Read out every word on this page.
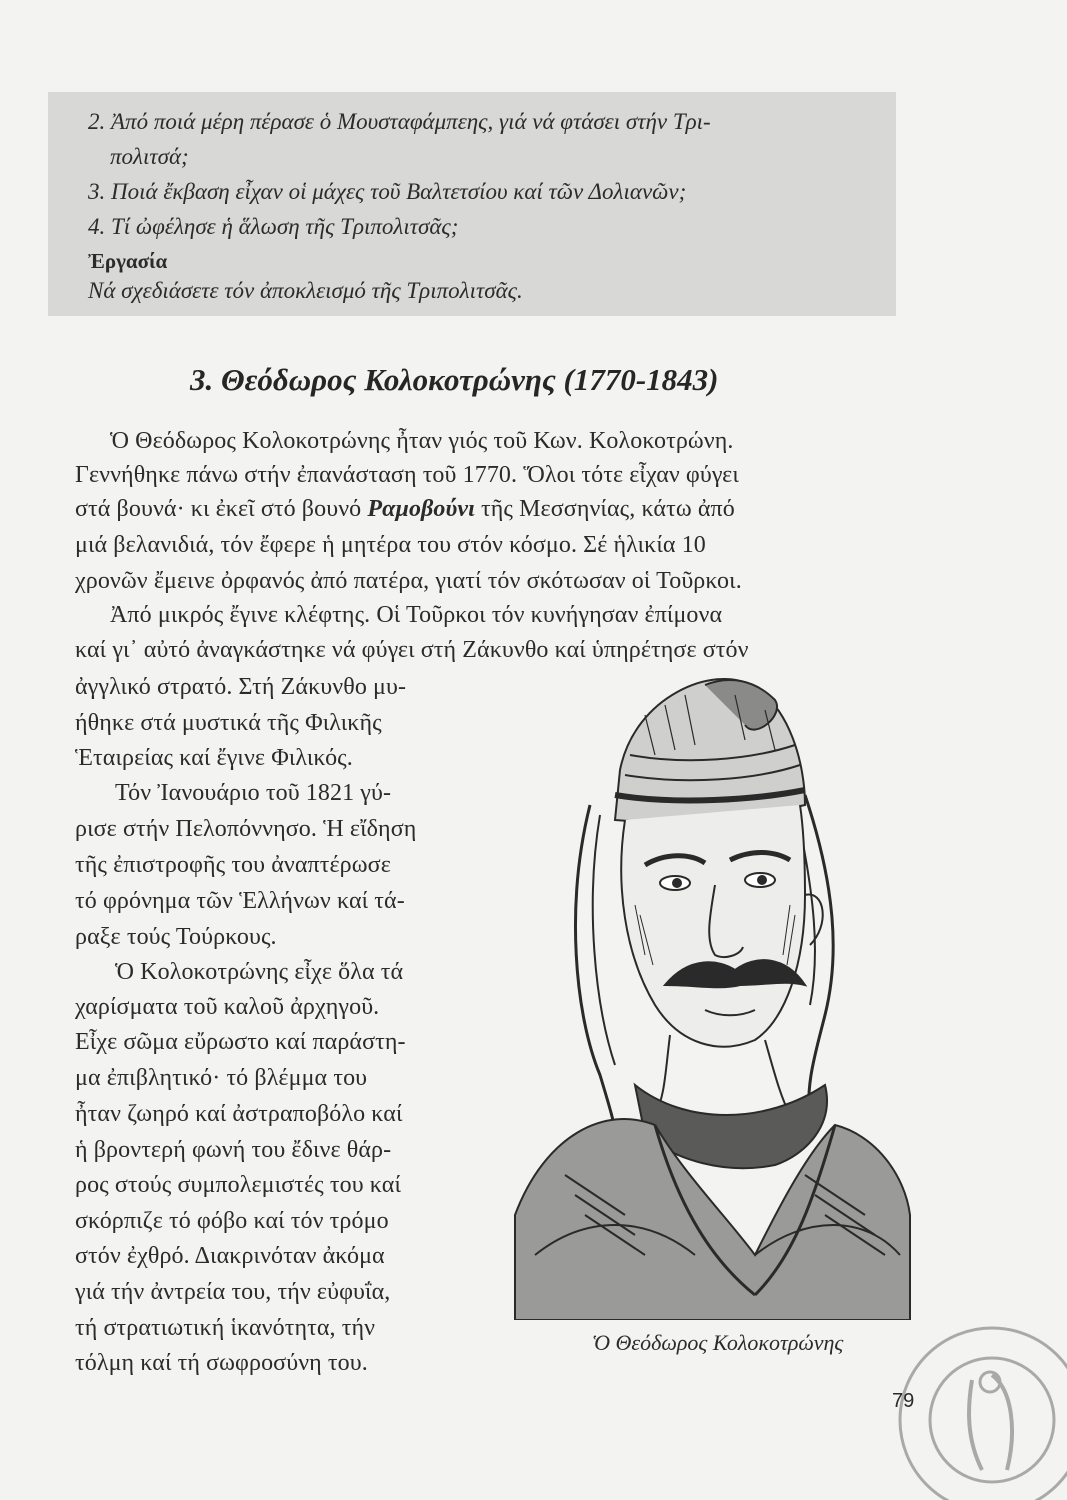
2. Ἀπό ποιά μέρη πέρασε ὁ Μουσταφάμπεης, γιά νά φτάσει στήν Τρι-
πολιτσά;
3. Ποιά ἔκβαση εἶχαν οἱ μάχες τοῦ Βαλτετσίου καί τῶν Δολιανῶν;
4. Τί ὠφέλησε ἡ ἅλωση τῆς Τριπολιτσᾶς;
Ἐργασία
Νά σχεδιάσετε τόν ἀποκλεισμό τῆς Τριπολιτσᾶς.
3. Θεόδωρος Κολοκοτρώνης (1770-1843)
Ὁ Θεόδωρος Κολοκοτρώνης ἦταν γιός τοῦ Κων. Κολοκοτρώνη.
Γεννήθηκε πάνω στήν ἐπανάσταση τοῦ 1770. Ὅλοι τότε εἶχαν φύγει
στά βουνά· κι ἐκεῖ στό βουνό Ραμοβούνι τῆς Μεσσηνίας, κάτω ἀπό
μιά βελανιδιά, τόν ἔφερε ἡ μητέρα του στόν κόσμο. Σέ ἡλικία 10
χρονῶν ἔμεινε ὀρφανός ἀπό πατέρα, γιατί τόν σκότωσαν οἱ Τοῦρκοι.
Ἀπό μικρός ἔγινε κλέφτης. Οἱ Τοῦρκοι τόν κυνήγησαν ἐπίμονα
καί γι᾽ αὐτό ἀναγκάστηκε νά φύγει στή Ζάκυνθο καί ὑπηρέτησε στόν
ἀγγλικό στρατό. Στή Ζάκυνθο μυ-
ήθηκε στά μυστικά τῆς Φιλικῆς
Ἑταιρείας καί ἔγινε Φιλικός.
Τόν Ἰανουάριο τοῦ 1821 γύ-
ρισε στήν Πελοπόννησο. Ἡ εἴδηση
τῆς ἐπιστροφῆς του ἀναπτέρωσε
τό φρόνημα τῶν Ἑλλήνων καί τά-
ραξε τούς Τούρκους.
Ὁ Κολοκοτρώνης εἶχε ὅλα τά
χαρίσματα τοῦ καλοῦ ἀρχηγοῦ.
Εἶχε σῶμα εὔρωστο καί παράστη-
μα ἐπιβλητικό· τό βλέμμα του
ἦταν ζωηρό καί ἀστραποβόλο καί
ἡ βροντερή φωνή του ἔδινε θάρ-
ρος στούς συμπολεμιστές του καί
σκόρπιζε τό φόβο καί τόν τρόμο
στόν ἐχθρό. Διακρινόταν ἀκόμα
γιά τήν ἀντρεία του, τήν εὐφυΐα,
τή στρατιωτική ἱκανότητα, τήν
τόλμη καί τή σωφροσύνη του.
Ὁ Θεόδωρος Κολοκοτρώνης
79
